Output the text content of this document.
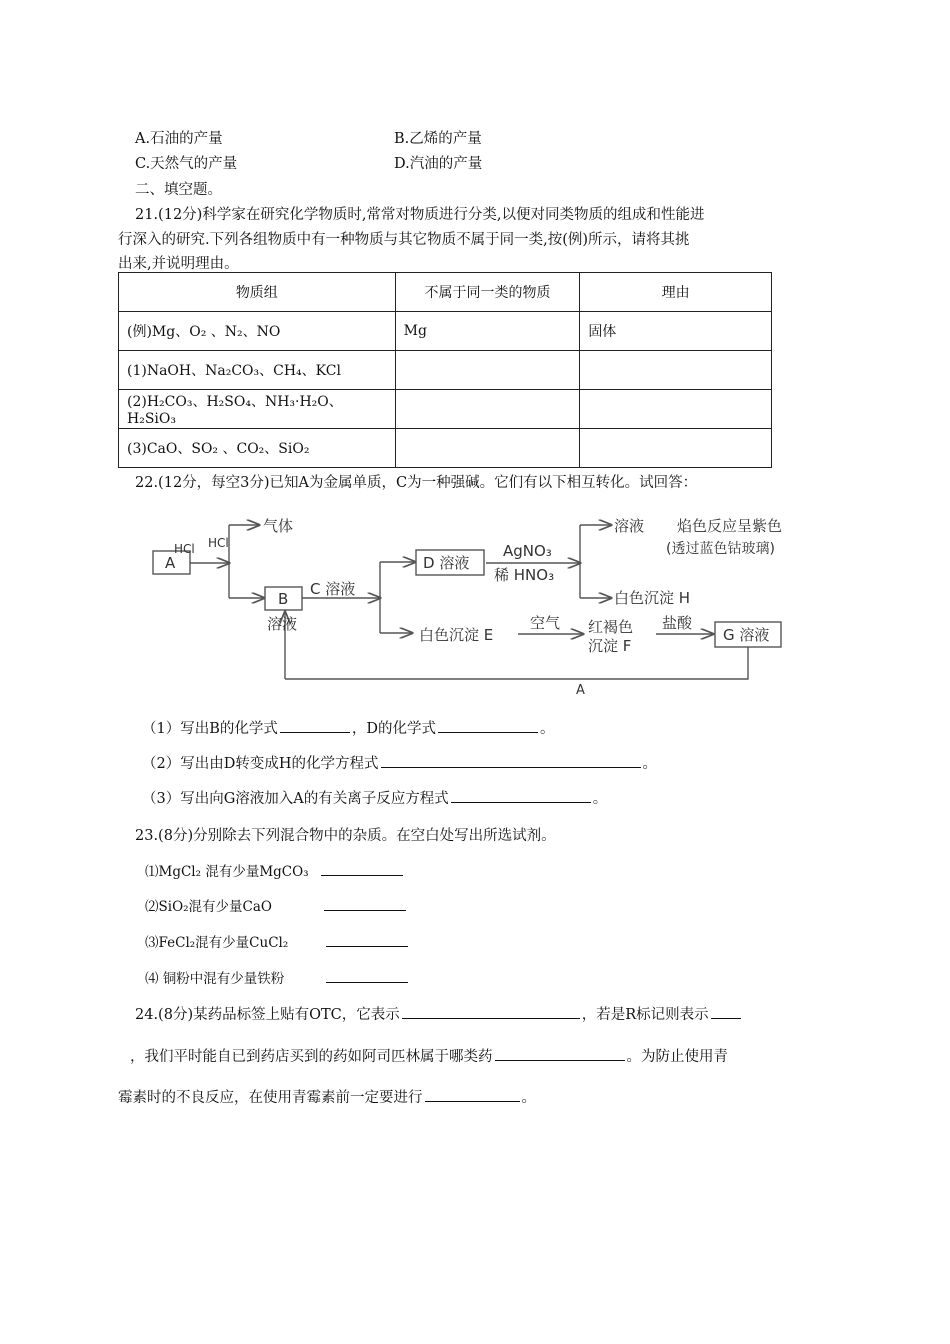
A.石油的产量	B.乙烯的产量
C.天然气的产量	D.汽油的产量
二、填空题。
21.(12分)科学家在研究化学物质时,常常对物质进行分类,以便对同类物质的组成和性能进
行深入的研究.下列各组物质中有一种物质与其它物质不属于同一类,按(例)所示，请将其挑
出来,并说明理由。
物质组	不属于同一类的物质	理由
(例)Mg、O₂ 、N₂、NO	Mg	固体
(1)NaOH、Na₂CO₃、CH₄、KCl		
(2)H₂CO₃、H₂SO₄、NH₃·H₂O、H₂SiO₃		
(3)CaO、SO₂ 、CO₂、SiO₂		
22.(12分，每空3分)已知A为金属单质，C为一种强碱。它们有以下相互转化。试回答：
A
HCl HCl
气体
B
溶液
C 溶液
D 溶液
AgNO₃
稀 HNO₃
溶液 焰色反应呈紫色
(透过蓝色钴玻璃)
白色沉淀 H
白色沉淀 E
空气 红褐色
沉淀 F
盐酸
G 溶液
A
（1）写出B的化学式	，D的化学式	。
（2）写出由D转变成H的化学方程式	。
（3）写出向G溶液加入A的有关离子反应方程式	。
23.(8分)分别除去下列混合物中的杂质。在空白处写出所选试剂。
⑴MgCl₂ 混有少量MgCO₃
⑵SiO₂混有少量CaO
⑶FeCl₂混有少量CuCl₂
⑷ 铜粉中混有少量铁粉
24.(8分)某药品标签上贴有OTC，它表示	，若是R标记则表示
，我们平时能自已到药店买到的药如阿司匹林属于哪类药	。为防止使用青
霉素时的不良反应，在使用青霉素前一定要进行	。
